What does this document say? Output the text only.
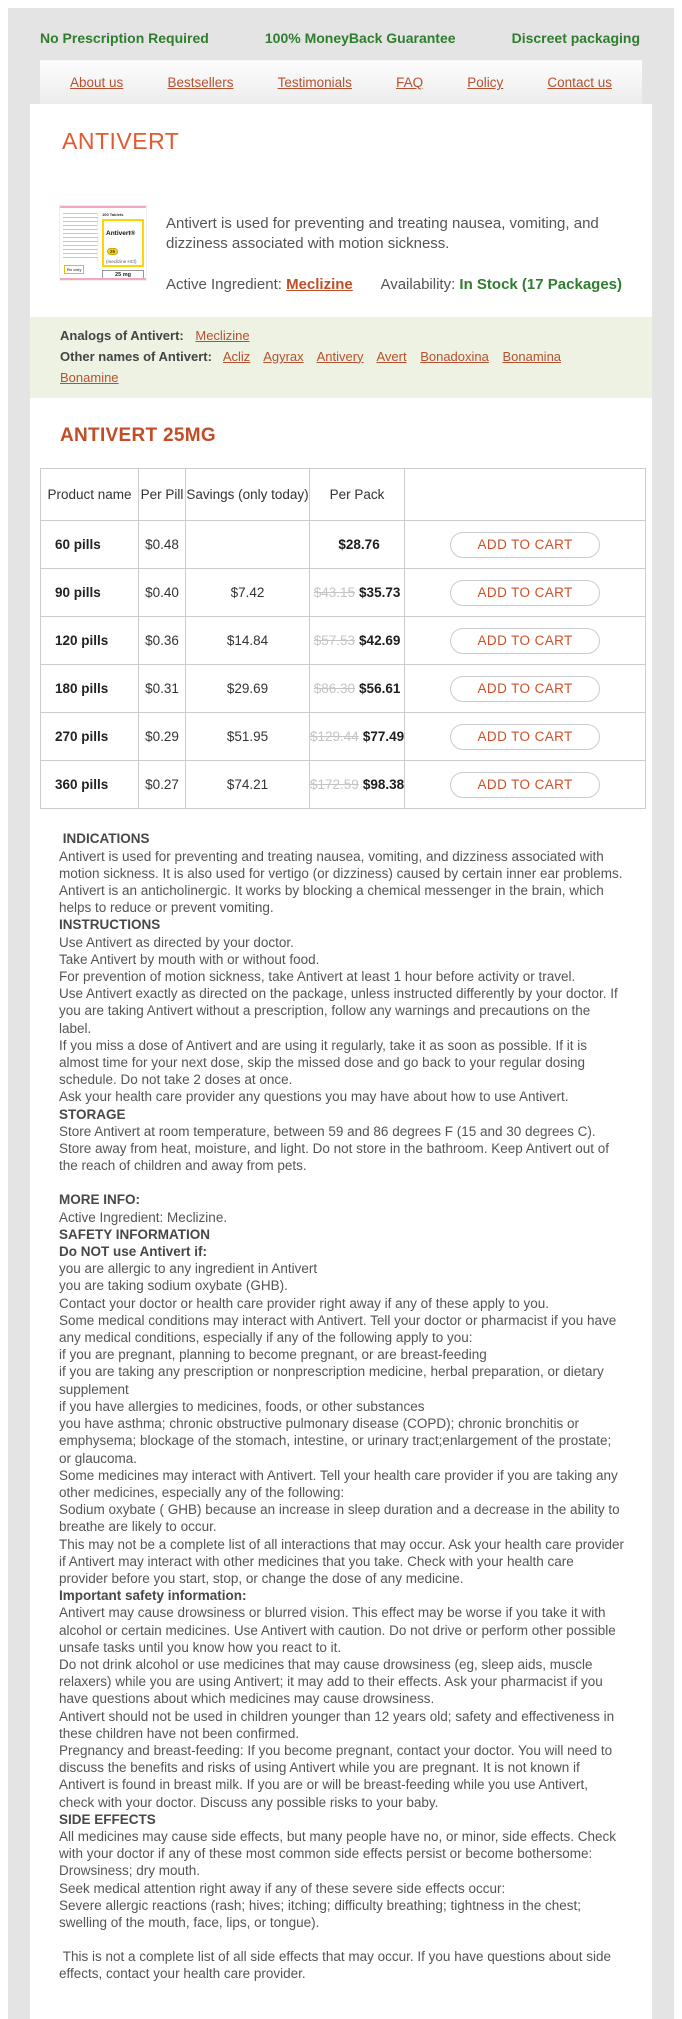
No Prescription Required	100% MoneyBack Guarantee	Discreet packaging
About us	Bestsellers	Testimonials	FAQ	Policy	Contact us
ANTIVERT
Rx only
100 Tablets
Antivert®25
(meclizine HCl)
25 mg

Antivert is used for preventing and treating nausea, vomiting, and dizziness associated with motion sickness.

Active Ingredient: Meclizine Availability: In Stock (17 Packages)
Analogs of Antivert: Meclizine
Other names of Antivert: Acliz Agyrax Antivery Avert Bonadoxina Bonamina Bonamine
ANTIVERT 25MG
Product name	Per Pill	Savings (only today)	Per Pack	
60 pills	$0.48		$28.76	ADD TO CART
90 pills	$0.40	$7.42	$43.15 $35.73	ADD TO CART
120 pills	$0.36	$14.84	$57.53 $42.69	ADD TO CART
180 pills	$0.31	$29.69	$86.30 $56.61	ADD TO CART
270 pills	$0.29	$51.95	$129.44 $77.49	ADD TO CART
360 pills	$0.27	$74.21	$172.59 $98.38	ADD TO CART
INDICATIONS
Antivert is used for preventing and treating nausea, vomiting, and dizziness associated with motion sickness. It is also used for vertigo (or dizziness) caused by certain inner ear problems. Antivert is an anticholinergic. It works by blocking a chemical messenger in the brain, which helps to reduce or prevent vomiting.
INSTRUCTIONS
Use Antivert as directed by your doctor.
Take Antivert by mouth with or without food.
For prevention of motion sickness, take Antivert at least 1 hour before activity or travel.
Use Antivert exactly as directed on the package, unless instructed differently by your doctor. If you are taking Antivert without a prescription, follow any warnings and precautions on the label.
If you miss a dose of Antivert and are using it regularly, take it as soon as possible. If it is almost time for your next dose, skip the missed dose and go back to your regular dosing schedule. Do not take 2 doses at once.
Ask your health care provider any questions you may have about how to use Antivert.
STORAGE
Store Antivert at room temperature, between 59 and 86 degrees F (15 and 30 degrees C). Store away from heat, moisture, and light. Do not store in the bathroom. Keep Antivert out of the reach of children and away from pets.
MORE INFO:
Active Ingredient: Meclizine.
SAFETY INFORMATION
Do NOT use Antivert if:
you are allergic to any ingredient in Antivert
you are taking sodium oxybate (GHB).
Contact your doctor or health care provider right away if any of these apply to you.
Some medical conditions may interact with Antivert. Tell your doctor or pharmacist if you have any medical conditions, especially if any of the following apply to you:
if you are pregnant, planning to become pregnant, or are breast-feeding
if you are taking any prescription or nonprescription medicine, herbal preparation, or dietary supplement
if you have allergies to medicines, foods, or other substances
you have asthma; chronic obstructive pulmonary disease (COPD); chronic bronchitis or emphysema; blockage of the stomach, intestine, or urinary tract;enlargement of the prostate; or glaucoma.
Some medicines may interact with Antivert. Tell your health care provider if you are taking any other medicines, especially any of the following:
Sodium oxybate ( GHB) because an increase in sleep duration and a decrease in the ability to breathe are likely to occur.
This may not be a complete list of all interactions that may occur. Ask your health care provider if Antivert may interact with other medicines that you take. Check with your health care provider before you start, stop, or change the dose of any medicine.
Important safety information:
Antivert may cause drowsiness or blurred vision. This effect may be worse if you take it with alcohol or certain medicines. Use Antivert with caution. Do not drive or perform other possible unsafe tasks until you know how you react to it.
Do not drink alcohol or use medicines that may cause drowsiness (eg, sleep aids, muscle relaxers) while you are using Antivert; it may add to their effects. Ask your pharmacist if you have questions about which medicines may cause drowsiness.
Antivert should not be used in children younger than 12 years old; safety and effectiveness in these children have not been confirmed.
Pregnancy and breast-feeding: If you become pregnant, contact your doctor. You will need to discuss the benefits and risks of using Antivert while you are pregnant. It is not known if Antivert is found in breast milk. If you are or will be breast-feeding while you use Antivert, check with your doctor. Discuss any possible risks to your baby.
SIDE EFFECTS
All medicines may cause side effects, but many people have no, or minor, side effects. Check with your doctor if any of these most common side effects persist or become bothersome:
Drowsiness; dry mouth.
Seek medical attention right away if any of these severe side effects occur:
Severe allergic reactions (rash; hives; itching; difficulty breathing; tightness in the chest; swelling of the mouth, face, lips, or tongue).
This is not a complete list of all side effects that may occur. If you have questions about side effects, contact your health care provider.
